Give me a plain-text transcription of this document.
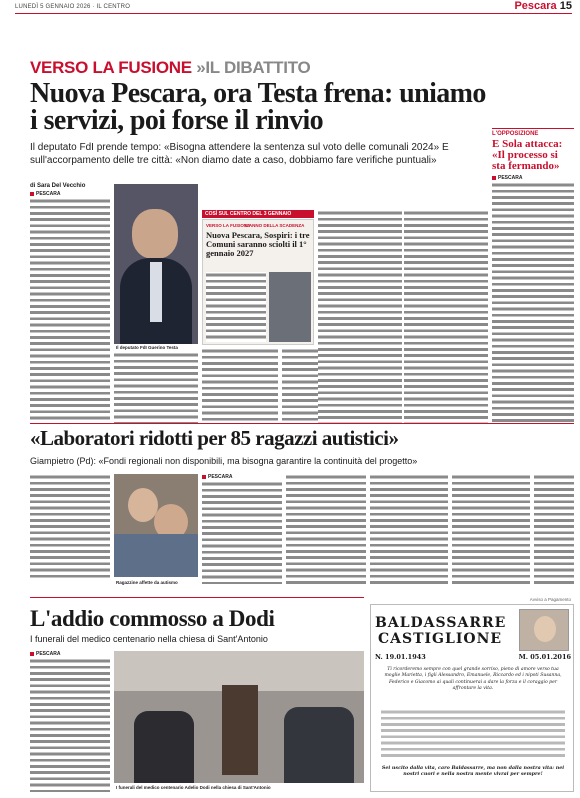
LUNEDÌ 5 GENNAIO 2026 · IL CENTRO	Pescara 15
VERSO LA FUSIONE »IL DIBATTITO
Nuova Pescara, ora Testa frena: uniamo i servizi, poi forse il rinvio
Il deputato FdI prende tempo: «Bisogna attendere la sentenza sul voto delle comunali 2024» E sull'accorpamento delle tre città: «Non diamo date a caso, dobbiamo fare verifiche puntuali»
di Sara Del Vecchio
PESCARA
Il deputato FdI Guerino Testa
COSÌ SUL CENTRO DEL 3 GENNAIO
VERSO LA FUSIONE
L'ANNO DELLA SCADENZA
Nuova Pescara, Sospiri: i tre Comuni saranno sciolti il 1° gennaio 2027
L'OPPOSIZIONE
E Sola attacca: «Il processo si sta fermando»
PESCARA
«Laboratori ridotti per 85 ragazzi autistici»
Giampietro (Pd): «Fondi regionali non disponibili, ma bisogna garantire la continuità del progetto»
Ragazzine affette da autismo
PESCARA
L'addio commosso a Dodi
I funerali del medico centenario nella chiesa di Sant'Antonio
PESCARA
I funerali del medico centenario Adelio Dodi nella chiesa di Sant'Antonio
Avviso a Pagamento
BALDASSARRE
CASTIGLIONE
N. 19.01.1943	M. 05.01.2016
Ti ricorderemo sempre con quel grande sorriso, pieno di amore verso tua moglie Marietta, i figli Alessandro, Emanuele, Riccardo ed i nipoti Susanna, Federico e Giacomo ai quali continuerai a dare la forza e il coraggio per affrontare la vita.
Sei uscito dalla vita, caro Baldassarre, ma non dalla nostra vita: nei nostri cuori e nella nostra mente vivrai per sempre!
